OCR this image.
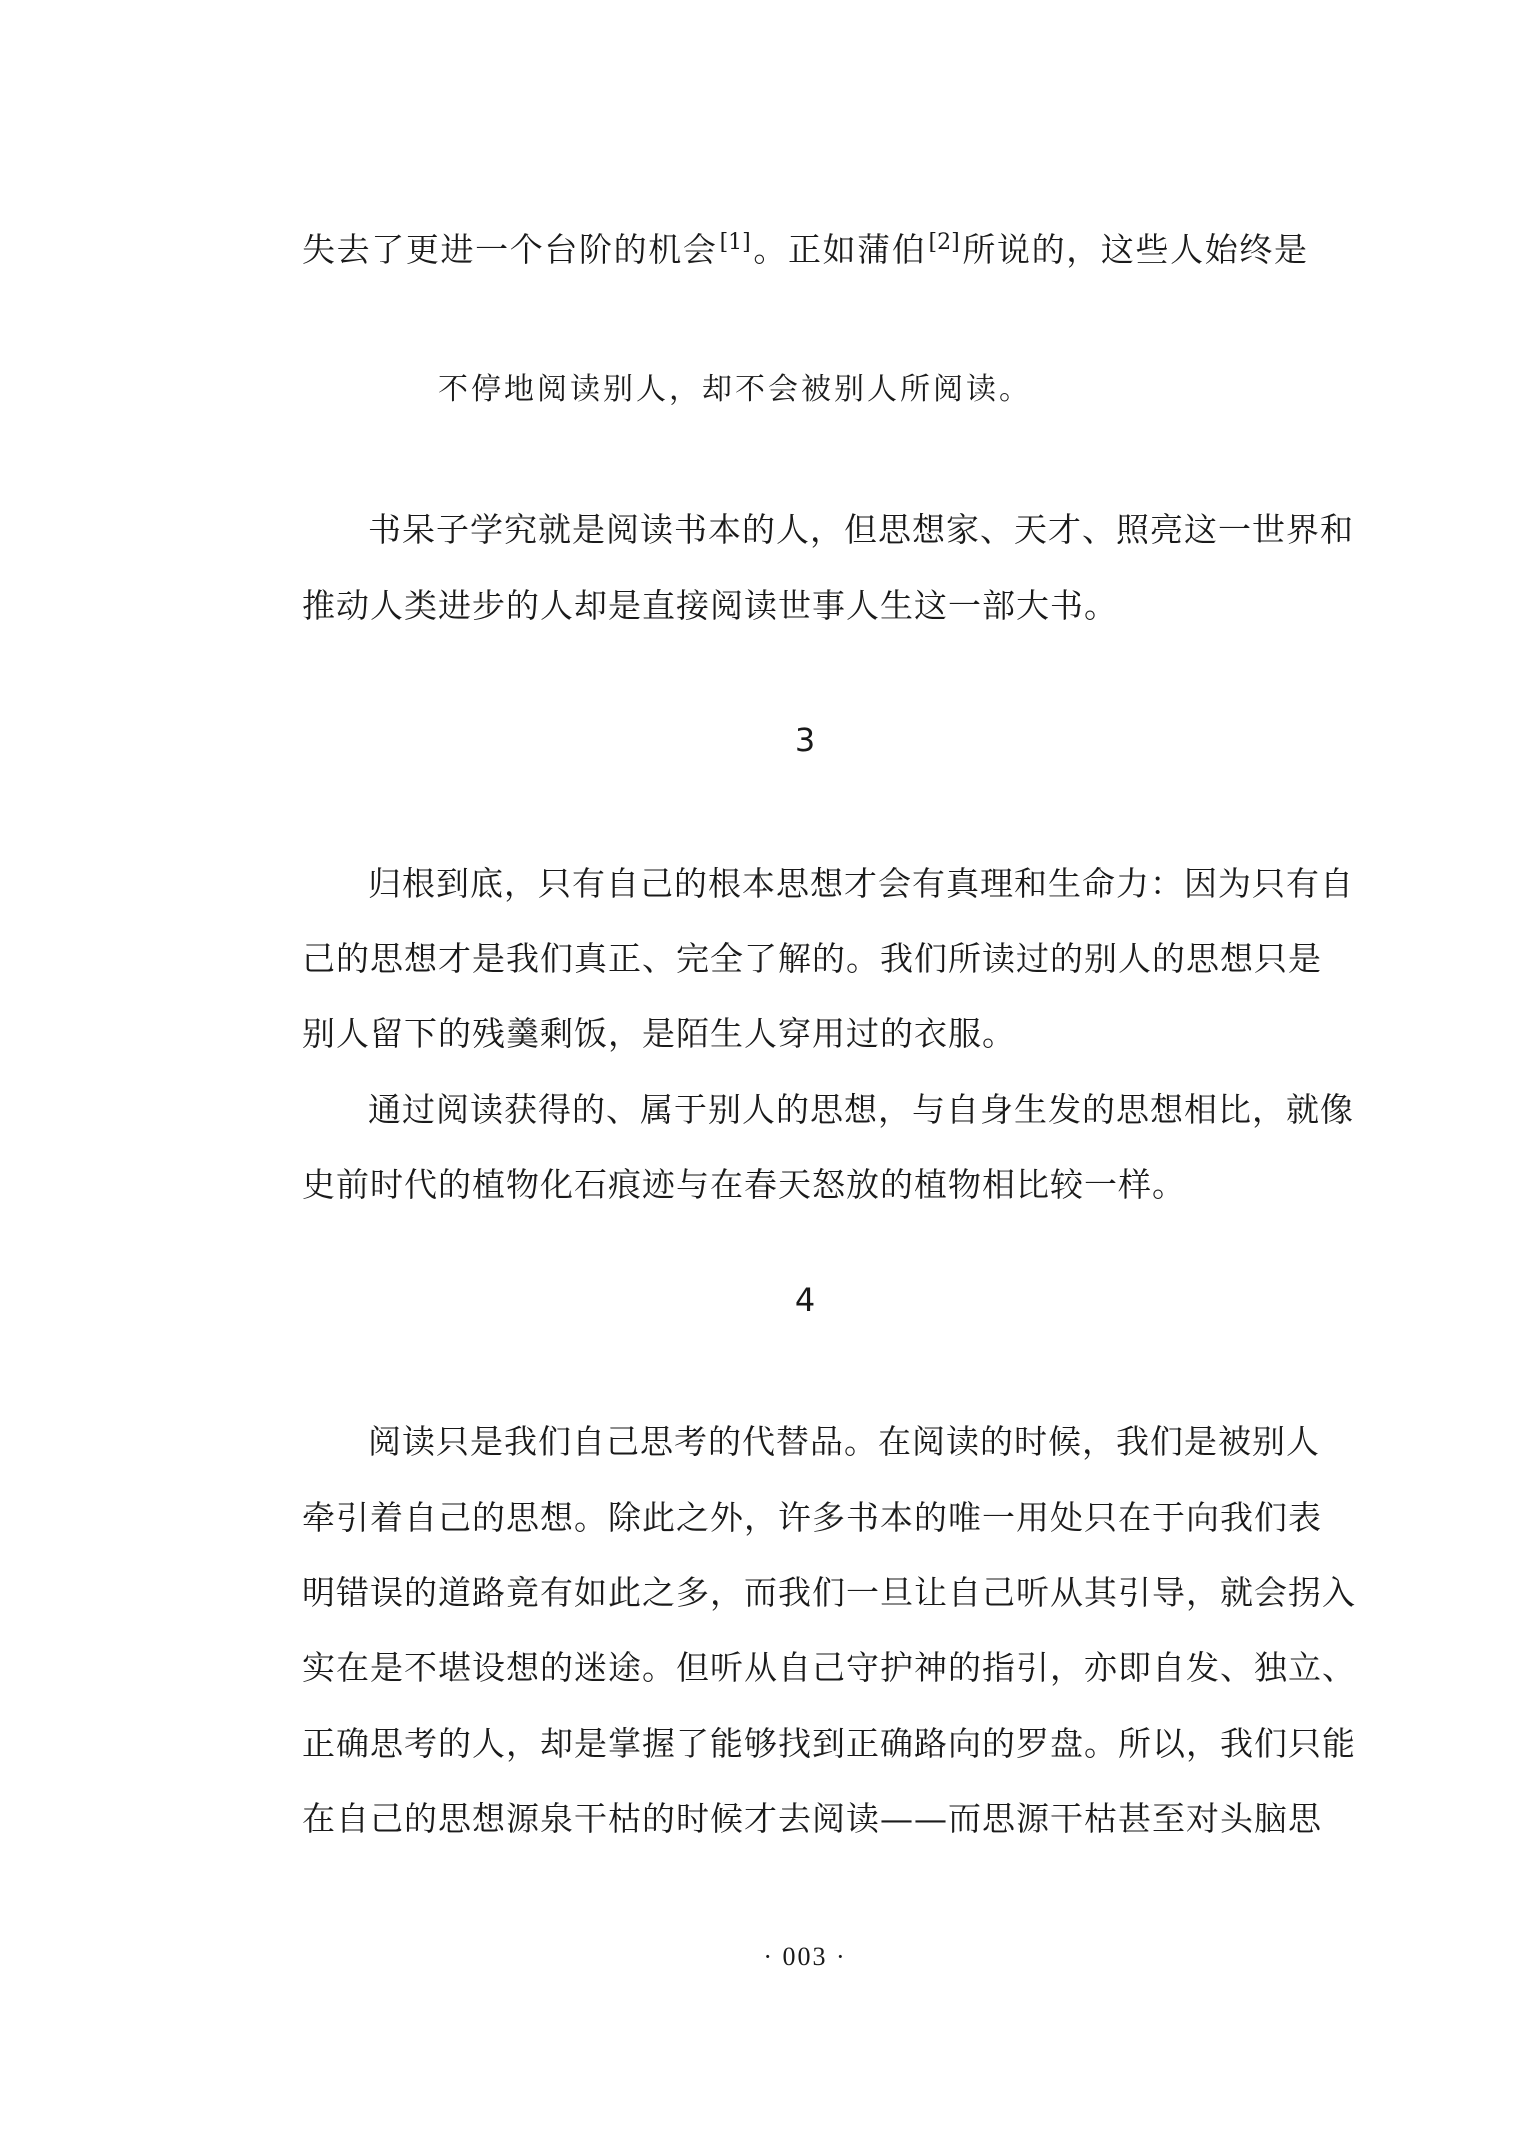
失去了更进一个台阶的机会[1]。正如蒲伯[2]所说的，这些人始终是
不停地阅读别人，却不会被别人所阅读。
书呆子学究就是阅读书本的人，但思想家、天才、照亮这一世界和
推动人类进步的人却是直接阅读世事人生这一部大书。
3
归根到底，只有自己的根本思想才会有真理和生命力：因为只有自
己的思想才是我们真正、完全了解的。我们所读过的别人的思想只是
别人留下的残羹剩饭，是陌生人穿用过的衣服。
通过阅读获得的、属于别人的思想，与自身生发的思想相比，就像
史前时代的植物化石痕迹与在春天怒放的植物相比较一样。
4
阅读只是我们自己思考的代替品。在阅读的时候，我们是被别人
牵引着自己的思想。除此之外，许多书本的唯一用处只在于向我们表
明错误的道路竟有如此之多，而我们一旦让自己听从其引导，就会拐入
实在是不堪设想的迷途。但听从自己守护神的指引，亦即自发、独立、
正确思考的人，却是掌握了能够找到正确路向的罗盘。所以，我们只能
在自己的思想源泉干枯的时候才去阅读——而思源干枯甚至对头脑思
· 003 ·
